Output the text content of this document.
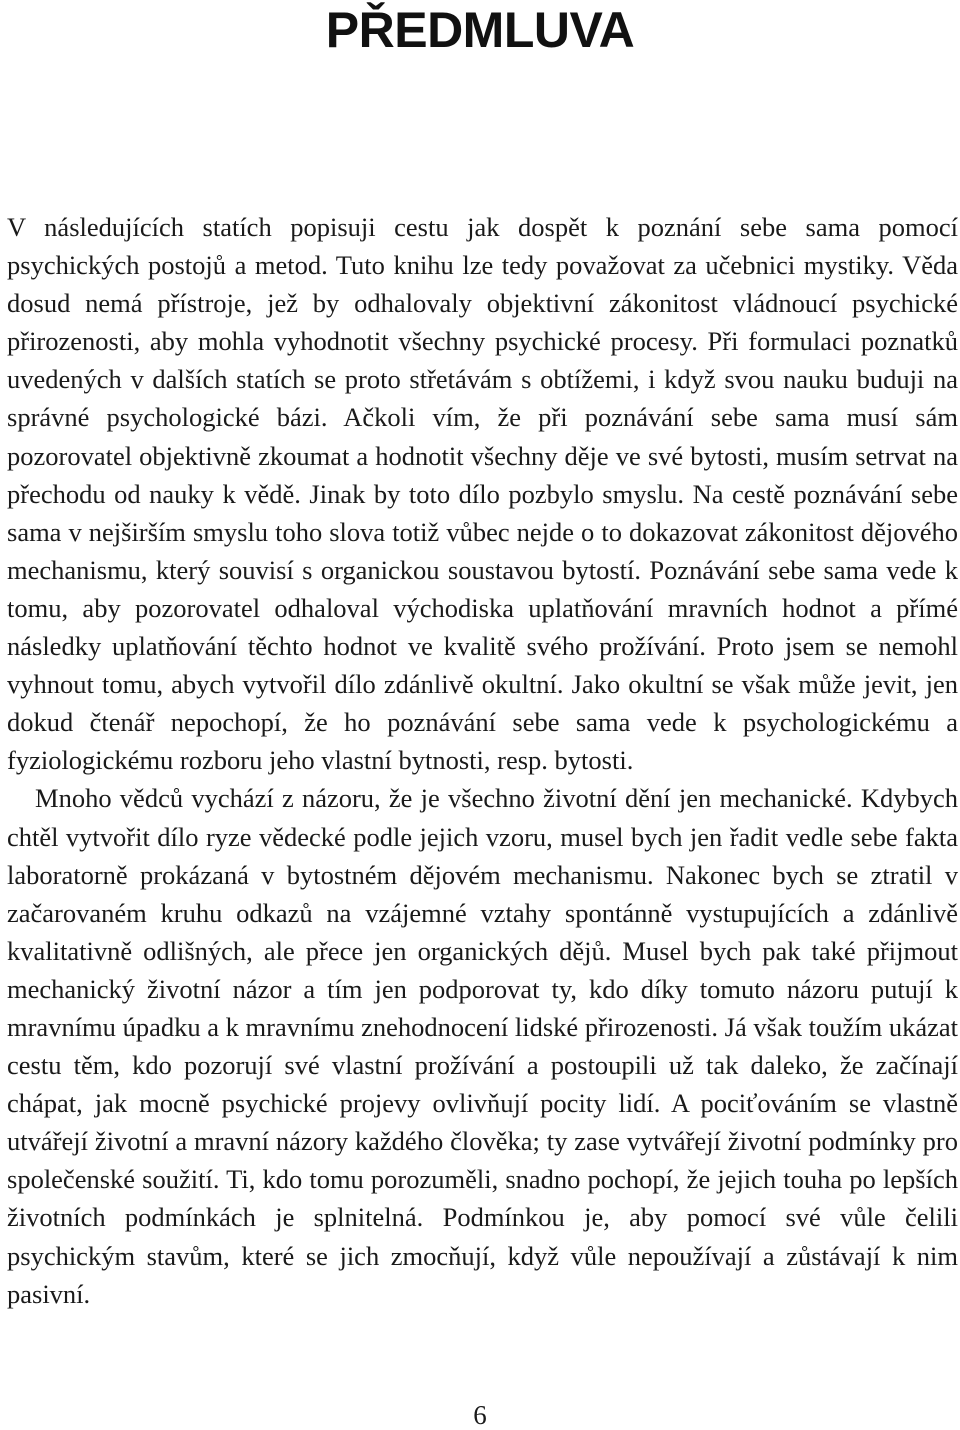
PŘEDMLUVA

V následujících statích popisuji cestu jak dospět k poznání sebe sama pomocí psychických postojů a metod. Tuto knihu lze tedy považovat za učebnici mystiky. Věda dosud nemá přístroje, jež by odhalovaly objektivní zákonitost vládnoucí psychické přirozenosti, aby mohla vyhodnotit všechny psychické procesy. Při formulaci poznatků uvedených v dalších statích se proto střetávám s obtížemi, i když svou nauku buduji na správné psychologické bázi. Ačkoli vím, že při poznávání sebe sama musí sám pozorovatel objektivně zkoumat a hodnotit všechny děje ve své bytosti, musím setrvat na přechodu od nauky k vědě. Jinak by toto dílo pozbylo smyslu. Na cestě poznávání sebe sama v nejširším smyslu toho slova totiž vůbec nejde o to dokazovat zákonitost dějového mechanismu, který souvisí s organickou soustavou bytostí. Poznávání sebe sama vede k tomu, aby pozorovatel odhaloval východiska uplatňování mravních hodnot a přímé následky uplatňování těchto hodnot ve kvalitě svého prožívání. Proto jsem se nemohl vyhnout tomu, abych vytvořil dílo zdánlivě okultní. Jako okultní se však může jevit, jen dokud čtenář nepochopí, že ho poznávání sebe sama vede k psychologickému a fyziologickému rozboru jeho vlastní bytnosti, resp. bytosti.

Mnoho vědců vychází z názoru, že je všechno životní dění jen mechanické. Kdybych chtěl vytvořit dílo ryze vědecké podle jejich vzoru, musel bych jen řadit vedle sebe fakta laboratorně prokázaná v bytostném dějovém mechanismu. Nakonec bych se ztratil v začarovaném kruhu odkazů na vzájemné vztahy spontánně vystupujících a zdánlivě kvalitativně odlišných, ale přece jen organických dějů. Musel bych pak také přijmout mechanický životní názor a tím jen podporovat ty, kdo díky tomuto názoru putují k mravnímu úpadku a k mravnímu znehodnocení lidské přirozenosti. Já však toužím ukázat cestu těm, kdo pozorují své vlastní prožívání a postoupili už tak daleko, že začínají chápat, jak mocně psychické projevy ovlivňují pocity lidí. A pociťováním se vlastně utvářejí životní a mravní názory každého člověka; ty zase vytvářejí životní podmínky pro společenské soužití. Ti, kdo tomu porozuměli, snadno pochopí, že jejich touha po lepších životních podmínkách je splnitelná. Podmínkou je, aby pomocí své vůle čelili psychickým stavům, které se jich zmocňují, když vůle nepoužívají a zůstávají k nim pasivní.

6
